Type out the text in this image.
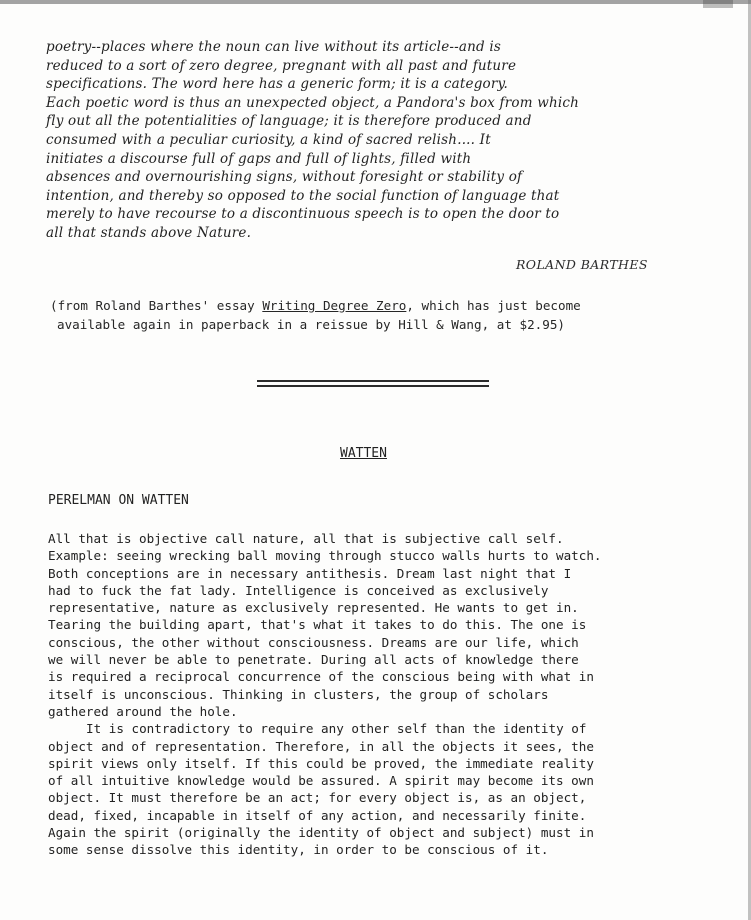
poetry--places where the noun can live without its article--and is
reduced to a sort of zero degree, pregnant with all past and future
specifications. The word here has a generic form; it is a category.
Each poetic word is thus an unexpected object, a Pandora's box from which
fly out all the potentialities of language; it is therefore produced and
consumed with a peculiar curiosity, a kind of sacred relish.... It
initiates a discourse full of gaps and full of lights, filled with
absences and overnourishing signs, without foresight or stability of
intention, and thereby so opposed to the social function of language that
merely to have recourse to a discontinuous speech is to open the door to
all that stands above Nature.
ROLAND BARTHES
(from Roland Barthes' essay Writing Degree Zero, which has just become
available again in paperback in a reissue by Hill & Wang, at $2.95)
WATTEN
PERELMAN ON WATTEN
All that is objective call nature, all that is subjective call self.
Example: seeing wrecking ball moving through stucco walls hurts to watch.
Both conceptions are in necessary antithesis. Dream last night that I
had to fuck the fat lady. Intelligence is conceived as exclusively
representative, nature as exclusively represented. He wants to get in.
Tearing the building apart, that's what it takes to do this. The one is
conscious, the other without consciousness. Dreams are our life, which
we will never be able to penetrate. During all acts of knowledge there
is required a reciprocal concurrence of the conscious being with what in
itself is unconscious. Thinking in clusters, the group of scholars
gathered around the hole.
It is contradictory to require any other self than the identity of
object and of representation. Therefore, in all the objects it sees, the
spirit views only itself. If this could be proved, the immediate reality
of all intuitive knowledge would be assured. A spirit may become its own
object. It must therefore be an act; for every object is, as an object,
dead, fixed, incapable in itself of any action, and necessarily finite.
Again the spirit (originally the identity of object and subject) must in
some sense dissolve this identity, in order to be conscious of it.
